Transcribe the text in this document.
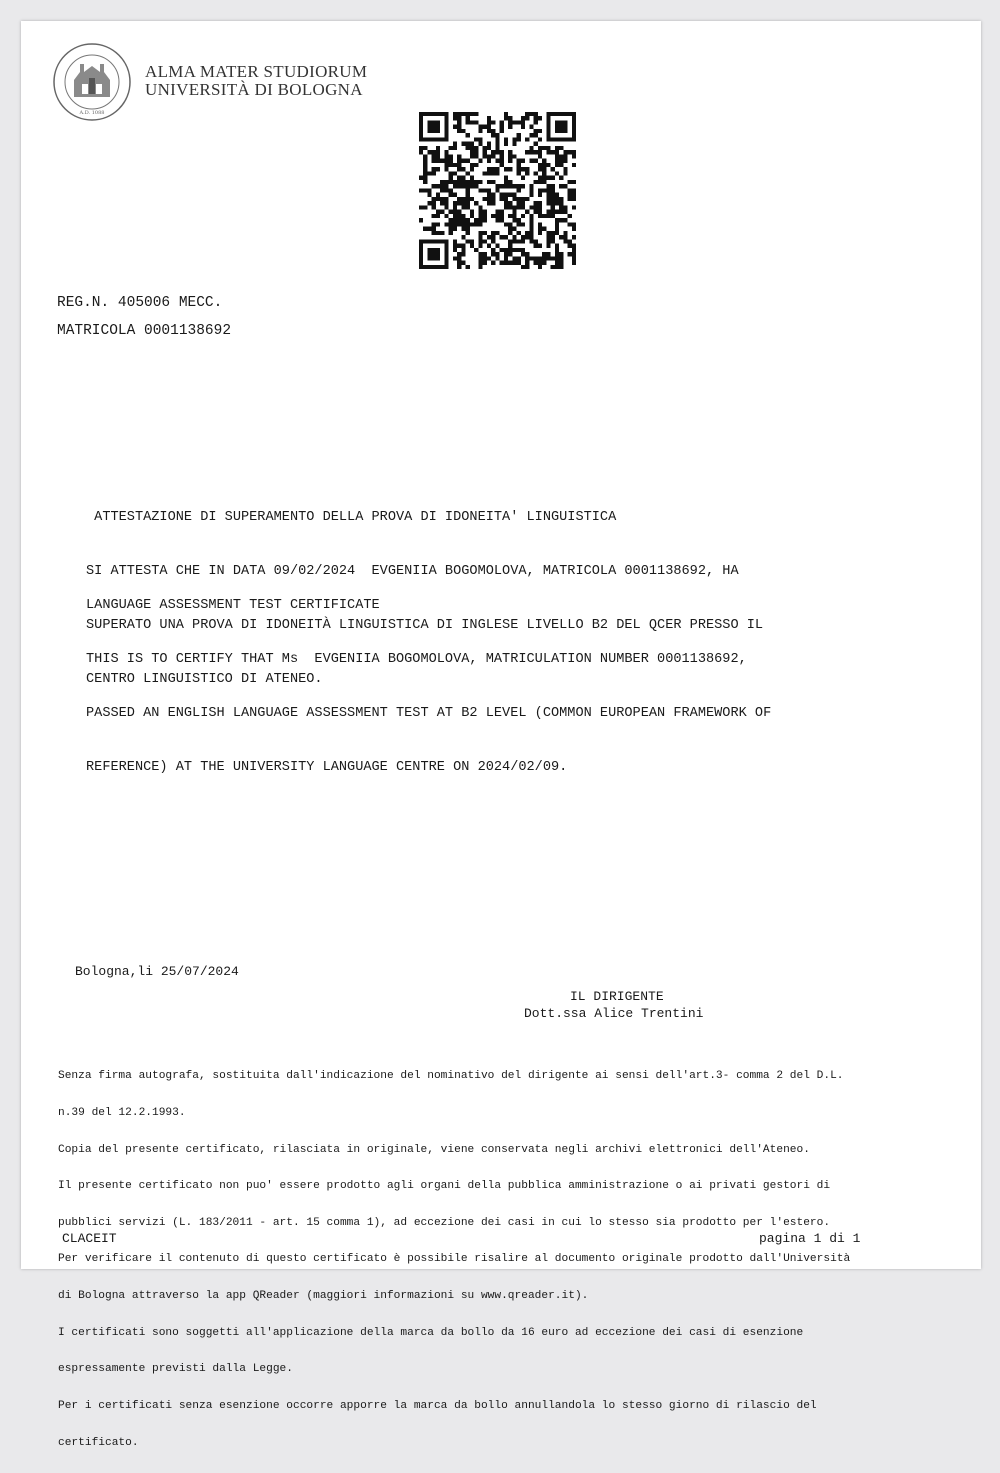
A.D. 1088
ALMA MATER STUDIORUM
UNIVERSITÀ DI BOLOGNA
REG.N. 405006 MECC.
MATRICOLA 0001138692

ATTESTAZIONE DI SUPERAMENTO DELLA PROVA DI IDONEITA' LINGUISTICA

SI ATTESTA CHE IN DATA 09/02/2024  EVGENIIA BOGOMOLOVA, MATRICOLA 0001138692, HA

SUPERATO UNA PROVA DI IDONEITÀ LINGUISTICA DI INGLESE LIVELLO B2 DEL QCER PRESSO IL

CENTRO LINGUISTICO DI ATENEO.

LANGUAGE ASSESSMENT TEST CERTIFICATE

THIS IS TO CERTIFY THAT Ms  EVGENIIA BOGOMOLOVA, MATRICULATION NUMBER 0001138692,

PASSED AN ENGLISH LANGUAGE ASSESSMENT TEST AT B2 LEVEL (COMMON EUROPEAN FRAMEWORK OF

REFERENCE) AT THE UNIVERSITY LANGUAGE CENTRE ON 2024/02/09.

Bologna,li 25/07/2024
IL DIRIGENTE
Dott.ssa Alice Trentini

Senza firma autografa, sostituita dall'indicazione del nominativo del dirigente ai sensi dell'art.3- comma 2 del D.L.

n.39 del 12.2.1993.

Copia del presente certificato, rilasciata in originale, viene conservata negli archivi elettronici dell'Ateneo.

Il presente certificato non puo' essere prodotto agli organi della pubblica amministrazione o ai privati gestori di

pubblici servizi (L. 183/2011 - art. 15 comma 1), ad eccezione dei casi in cui lo stesso sia prodotto per l'estero.

Per verificare il contenuto di questo certificato è possibile risalire al documento originale prodotto dall'Università

di Bologna attraverso la app QReader (maggiori informazioni su www.qreader.it).

I certificati sono soggetti all'applicazione della marca da bollo da 16 euro ad eccezione dei casi di esenzione

espressamente previsti dalla Legge.

Per i certificati senza esenzione occorre apporre la marca da bollo annullandola lo stesso giorno di rilascio del

certificato.

CLACEIT	pagina 1 di 1
